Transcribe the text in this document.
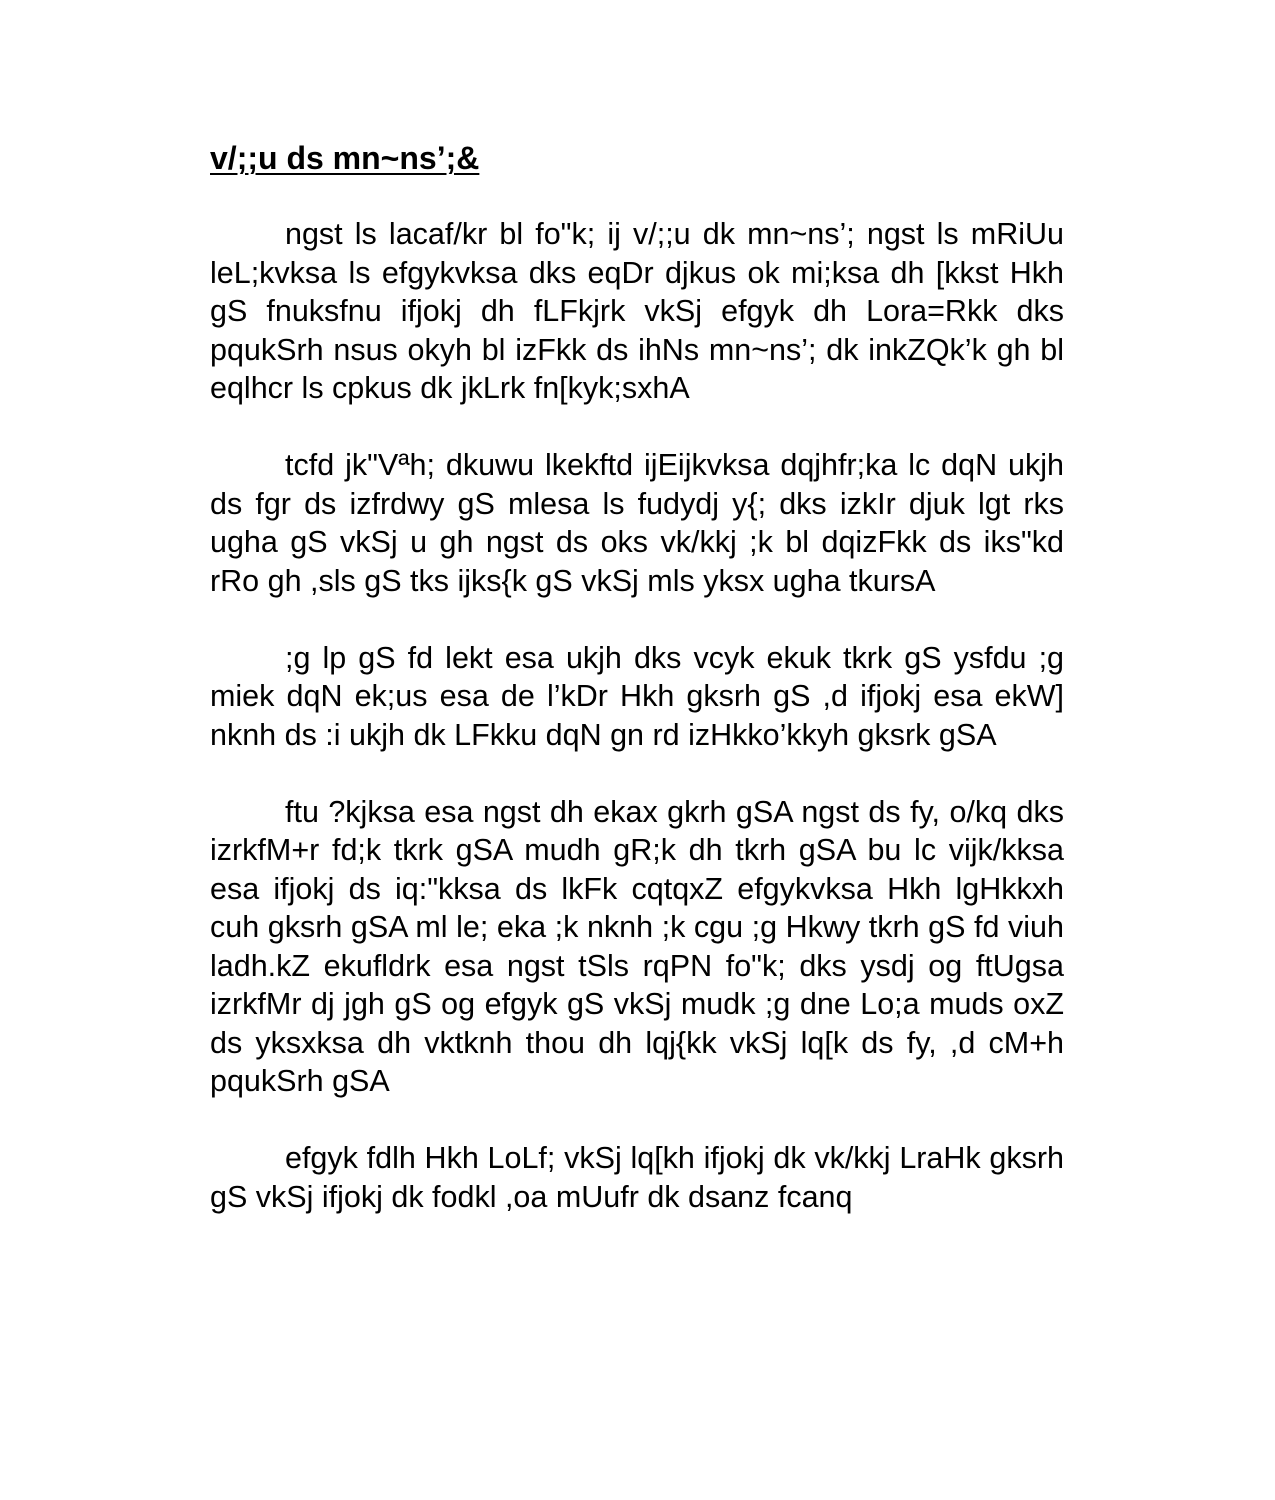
v/;;u ds mn~ns’;&

ngst ls lacaf/kr bl fo"k; ij v/;;u dk mn~ns’; ngst ls mRiUu leL;kvksa ls efgykvksa dks eqDr djkus ok mi;ksa dh [kkst Hkh gS fnuksfnu ifjokj dh fLFkjrk vkSj efgyk dh Lora=Rkk dks pqukSrh nsus okyh bl izFkk ds ihNs mn~ns’; dk inkZQk’k gh bl eqlhcr ls cpkus dk jkLrk fn[kyk;sxhA

tcfd jk"Vªh; dkuwu lkekftd ijEijkvksa dqjhfr;ka lc dqN ukjh ds fgr ds izfrdwy gS mlesa ls fudydj y{; dks izkIr djuk lgt rks ugha gS vkSj u gh ngst ds oks vk/kkj ;k bl dqizFkk ds iks"kd rRo gh ,sls gS tks ijks{k gS vkSj mls yksx ugha tkursA

;g lp gS fd lekt esa ukjh dks vcyk ekuk tkrk gS ysfdu ;g miek dqN ek;us esa de l’kDr Hkh gksrh gS ,d ifjokj esa ekW] nknh ds :i ukjh dk LFkku dqN gn rd izHkko’kkyh gksrk gSA

ftu ?kjksa esa ngst dh ekax gkrh gSA ngst ds fy, o/kq dks izrkfM+r fd;k tkrk gSA mudh gR;k dh tkrh gSA bu lc vijk/kksa esa ifjokj ds iq:"kksa ds lkFk cqtqxZ efgykvksa Hkh lgHkkxh cuh gksrh gSA ml le; eka ;k nknh ;k cgu ;g Hkwy tkrh gS fd viuh ladh.kZ ekufldrk esa ngst tSls rqPN fo"k; dks ysdj og ftUgsa izrkfMr dj jgh gS og efgyk gS vkSj mudk ;g dne Lo;a muds oxZ ds yksxksa dh vktknh thou dh lqj{kk vkSj lq[k ds fy, ,d cM+h pqukSrh gSA

efgyk fdlh Hkh LoLf; vkSj lq[kh ifjokj dk vk/kkj LraHk gksrh gS vkSj ifjokj dk fodkl ,oa mUufr dk dsanz fcanq
